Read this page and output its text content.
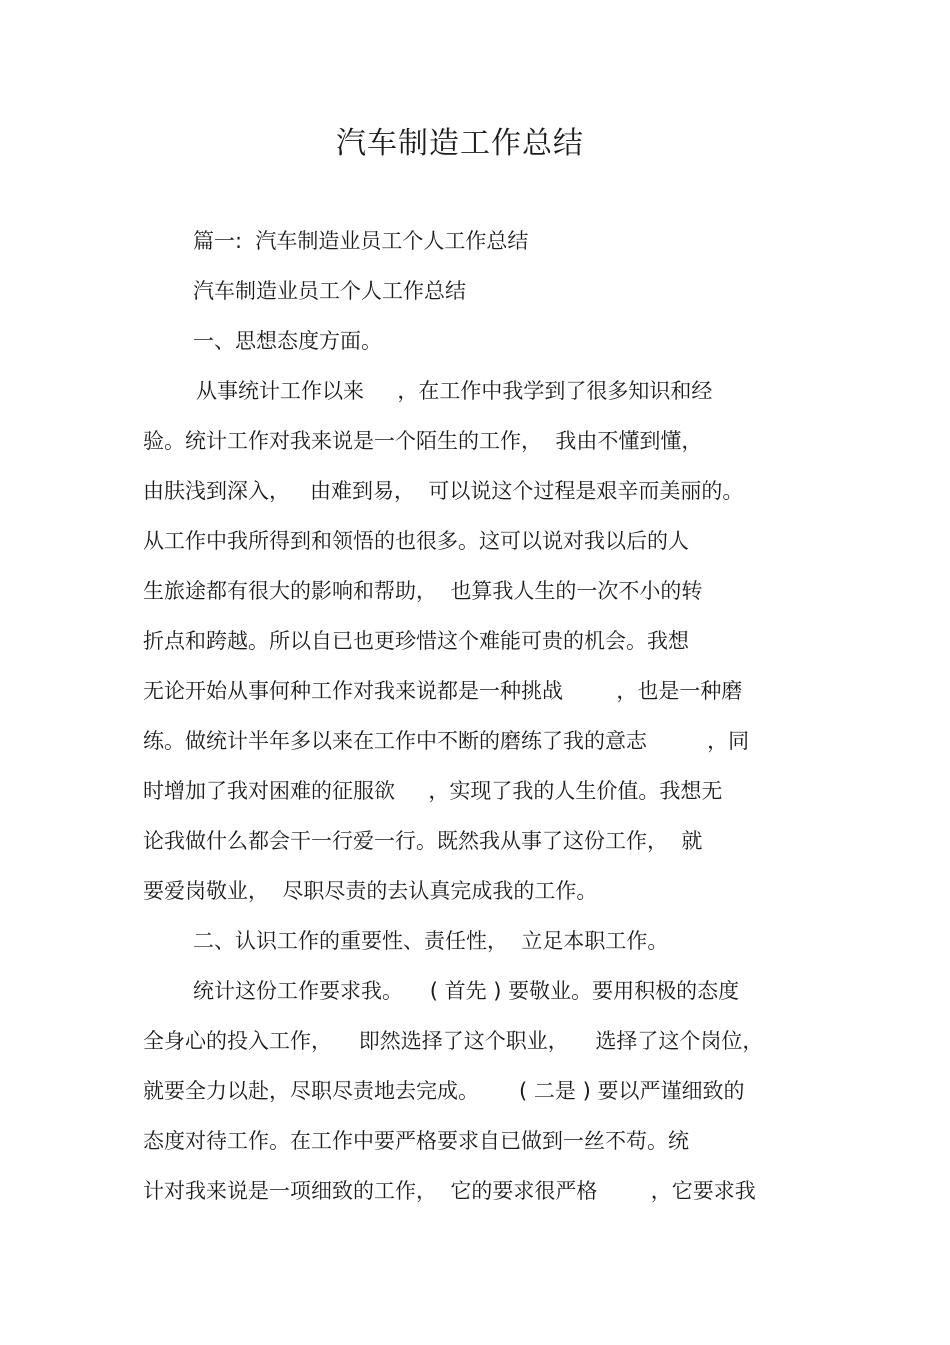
汽车制造工作总结
篇一:  汽车制造业员工个人工作总结
汽车制造业员工个人工作总结
一、思想态度方面。
从事统计工作以来     ，在工作中我学到了很多知识和经
验。统计工作对我来说是一个陌生的工作，  我由不懂到懂，
由肤浅到深入，   由难到易，  可以说这个过程是艰辛而美丽的。
从工作中我所得到和领悟的也很多。这可以说对我以后的人
生旅途都有很大的影响和帮助，  也算我人生的一次不小的转
折点和跨越。所以自已也更珍惜这个难能可贵的机会。我想
无论开始从事何种工作对我来说都是一种挑战        ，也是一种磨
练。做统计半年多以来在工作中不断的磨练了我的意志         ，同
时增加了我对困难的征服欲     ，实现了我的人生价值。我想无
论我做什么都会干一行爱一行。既然我从事了这份工作，  就
要爱岗敬业，  尽职尽责的去认真完成我的工作。
二、认识工作的重要性、责任性，  立足本职工作。
统计这份工作要求我。    ( 首先 ) 要敬业。要用积极的态度
全身心的投入工作，    即然选择了这个职业，    选择了这个岗位，
就要全力以赴，尽职尽责地去完成。      ( 二是 ) 要以严谨细致的
态度对待工作。在工作中要严格要求自已做到一丝不苟。统
计对我来说是一项细致的工作，  它的要求很严格        ，它要求我
